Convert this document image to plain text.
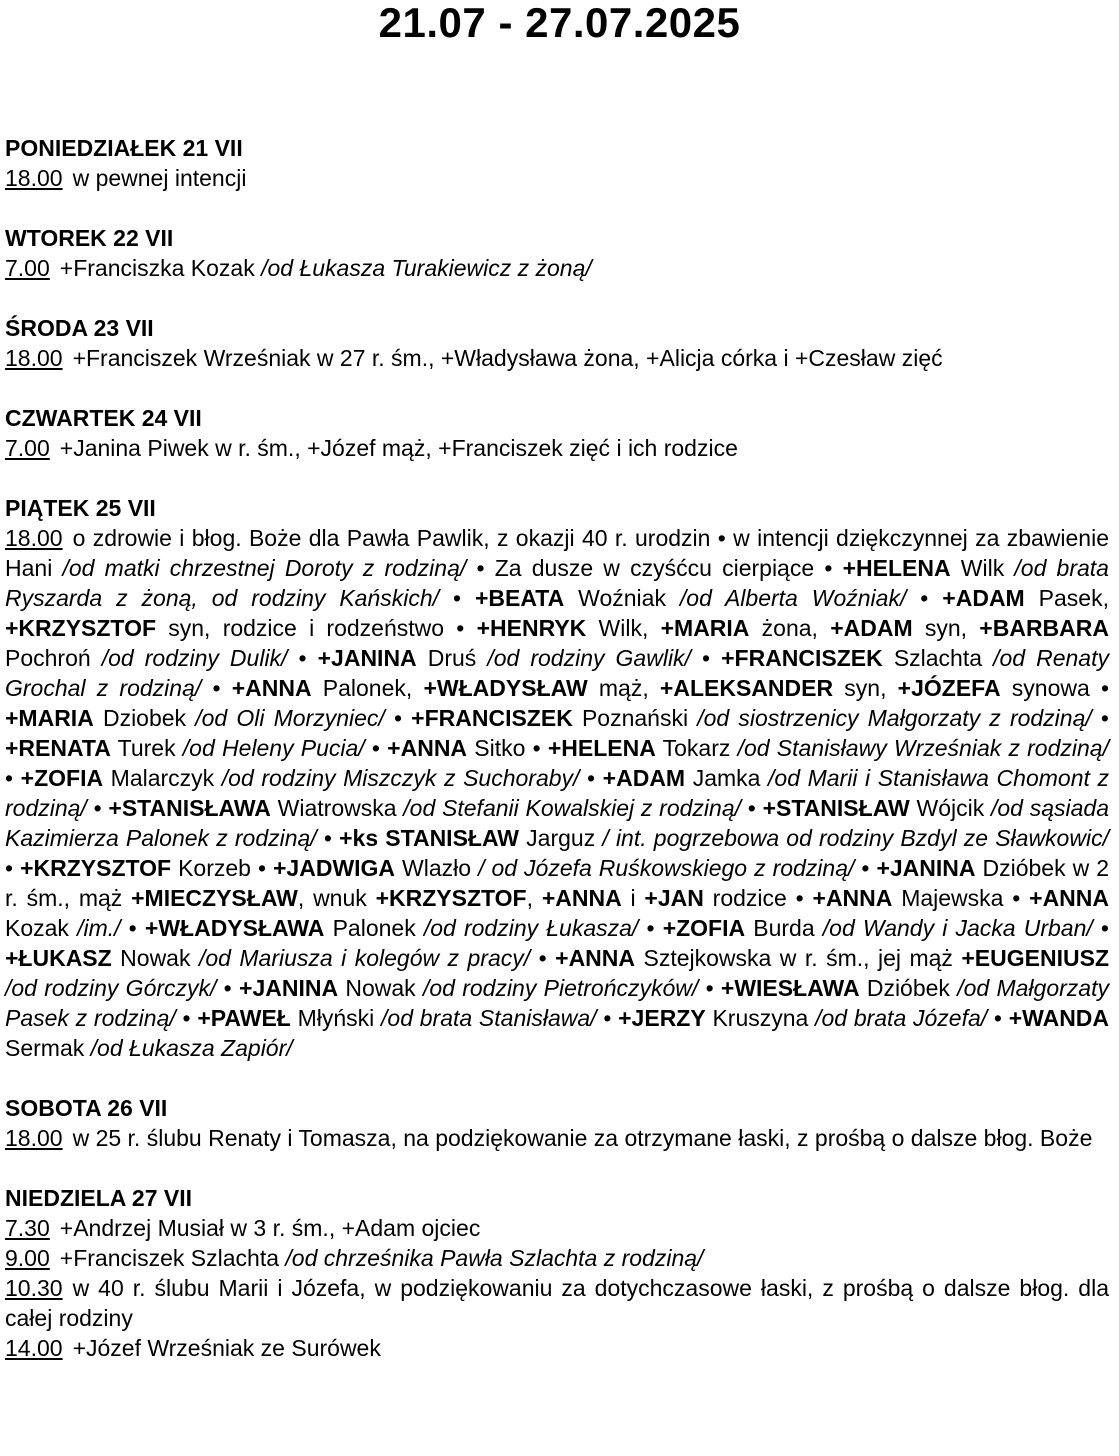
21.07 - 27.07.2025
PONIEDZIAŁEK 21 VII
18.00 w pewnej intencji
WTOREK 22 VII
7.00 +Franciszka Kozak /od Łukasza Turakiewicz z żoną/
ŚRODA 23 VII
18.00 +Franciszek Wrześniak w 27 r. śm., +Władysława żona, +Alicja córka i +Czesław zięć
CZWARTEK 24 VII
7.00 +Janina Piwek w r. śm., +Józef mąż, +Franciszek zięć i ich rodzice
PIĄTEK 25 VII
18.00 o zdrowie i błog. Boże dla Pawła Pawlik, z okazji 40 r. urodzin • w intencji dziękczynnej za zbawienie Hani /od matki chrzestnej Doroty z rodziną/ • Za dusze w czyśćcu cierpiące • +HELENA Wilk /od brata Ryszarda z żoną, od rodziny Kańskich/ • +BEATA Woźniak /od Alberta Woźniak/ • +ADAM Pasek, +KRZYSZTOF syn, rodzice i rodzeństwo • +HENRYK Wilk, +MARIA żona, +ADAM syn, +BARBARA Pochroń /od rodziny Dulik/ • +JANINA Druś /od rodziny Gawlik/ • +FRANCISZEK Szlachta /od Renaty Grochal z rodziną/ • +ANNA Palonek, +WŁADYSŁAW mąż, +ALEKSANDER syn, +JÓZEFA synowa • +MARIA Dziobek /od Oli Morzyniec/ • +FRANCISZEK Poznański /od siostrzenicy Małgorzaty z rodziną/ • +RENATA Turek /od Heleny Pucia/ • +ANNA Sitko • +HELENA Tokarz /od Stanisławy Wrześniak z rodziną/ • +ZOFIA Malarczyk /od rodziny Miszczyk z Suchoraby/ • +ADAM Jamka /od Marii i Stanisława Chomont z rodziną/ • +STANISŁAWA Wiatrowska /od Stefanii Kowalskiej z rodziną/ • +STANISŁAW Wójcik /od sąsiada Kazimierza Palonek z rodziną/ • +ks STANISŁAW Jarguz / int. pogrzebowa od rodziny Bzdyl ze Sławkowic/ • +KRZYSZTOF Korzeb • +JADWIGA Wlazło / od Józefa Ruśkowskiego z rodziną/ • +JANINA Dzióbek w 2 r. śm., mąż +MIECZYSŁAW, wnuk +KRZYSZTOF, +ANNA i +JAN rodzice • +ANNA Majewska • +ANNA Kozak /im./ • +WŁADYSŁAWA Palonek /od rodziny Łukasza/ • +ZOFIA Burda /od Wandy i Jacka Urban/ • +ŁUKASZ Nowak /od Mariusza i kolegów z pracy/ • +ANNA Sztejkowska w r. śm., jej mąż +EUGENIUSZ /od rodziny Górczyk/ • +JANINA Nowak /od rodziny Pietrończyków/ • +WIESŁAWA Dzióbek /od Małgorzaty Pasek z rodziną/ • +PAWEŁ Młyński /od brata Stanisława/ • +JERZY Kruszyna /od brata Józefa/ • +WANDA Sermak /od Łukasza Zapiór/
SOBOTA 26 VII
18.00 w 25 r. ślubu Renaty i Tomasza, na podziękowanie za otrzymane łaski, z prośbą o dalsze błog. Boże
NIEDZIELA 27 VII
7.30 +Andrzej Musiał w 3 r. śm., +Adam ojciec
9.00 +Franciszek Szlachta /od chrześnika Pawła Szlachta z rodziną/
10.30 w 40 r. ślubu Marii i Józefa, w podziękowaniu za dotychczasowe łaski, z prośbą o dalsze błog. dla całej rodziny
14.00 +Józef Wrześniak ze Surówek
